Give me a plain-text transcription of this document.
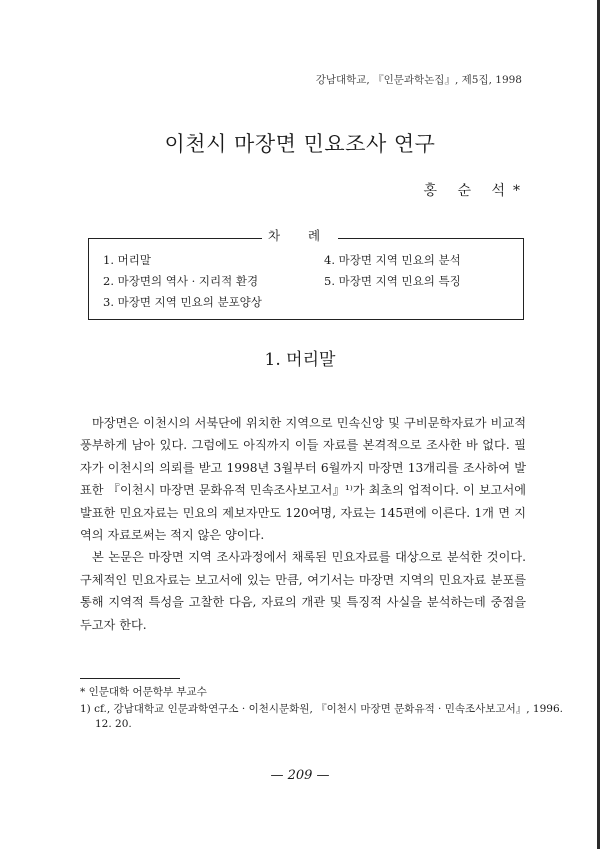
강남대학교, 『인문과학논집』, 제5집, 1998
이천시 마장면 민요조사 연구
홍 순 석*
차 례
1. 머리말
2. 마장면의 역사 · 지리적 환경
3. 마장면 지역 민요의 분포양상
4. 마장면 지역 민요의 분석
5. 마장면 지역 민요의 특징
1. 머리말

마장면은 이천시의 서북단에 위치한 지역으로 민속신앙 및 구비문학자료가 비교적 풍부하게 남아 있다. 그럼에도 아직까지 이들 자료를 본격적으로 조사한 바 없다. 필자가 이천시의 의뢰를 받고 1998년 3월부터 6월까지 마장면 13개리를 조사하여 발표한 『이천시 마장면 문화유적 민속조사보고서』¹⁾가 최초의 업적이다. 이 보고서에 발표한 민요자료는 민요의 제보자만도 120여명, 자료는 145편에 이른다. 1개 면 지역의 자료로써는 적지 않은 양이다.

본 논문은 마장면 지역 조사과정에서 채록된 민요자료를 대상으로 분석한 것이다. 구체적인 민요자료는 보고서에 있는 만큼, 여기서는 마장면 지역의 민요자료 분포를 통해 지역적 특성을 고찰한 다음, 자료의 개관 및 특징적 사실을 분석하는데 중점을 두고자 한다.

* 인문대학 어문학부 부교수
1) cf., 강남대학교 인문과학연구소 · 이천시문화원, 『이천시 마장면 문화유적 · 민속조사보고서』, 1996.
12. 20.
— 209 —
